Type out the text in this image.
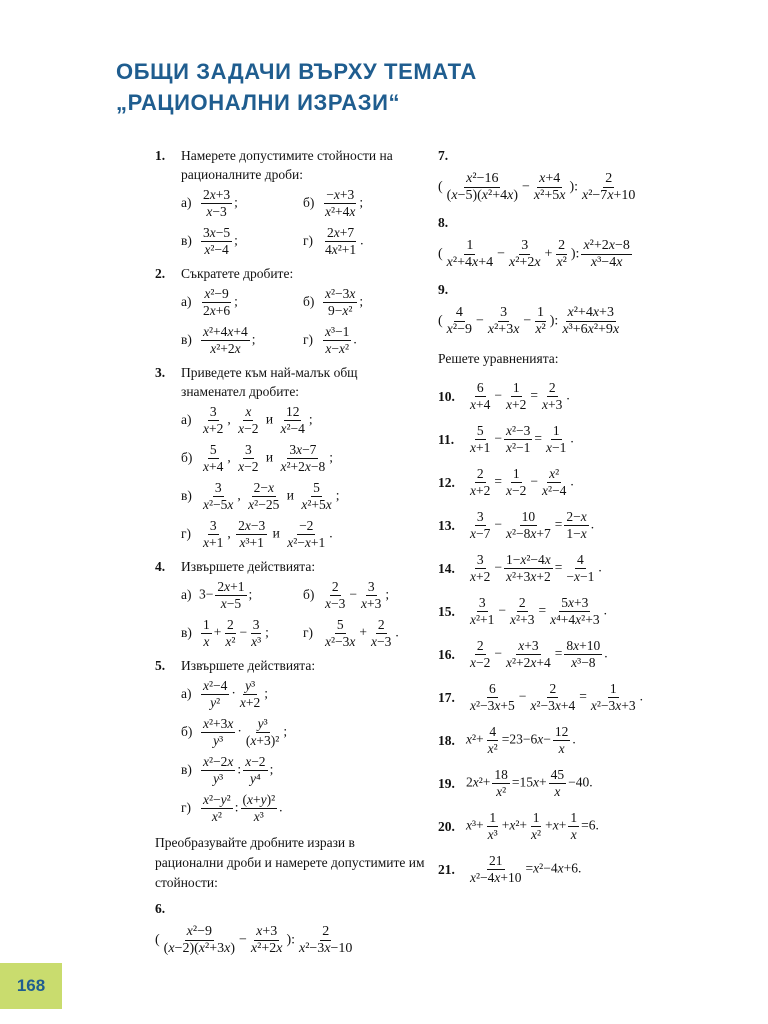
ОБЩИ ЗАДАЧИ ВЪРХУ ТЕМАТА
„РАЦИОНАЛНИ ИЗРАЗИ“
1.	Намерете допустимите стойности на рационалните дроби:
$а) \frac{2x+3}{x-3}$ ;	$б) \frac{-x+3}{\text{x²+4x}}$ ;
$в) \frac{3x-5}{\text{x²−4}}$ ;	$г) \frac{2x+7}{\text{4x²+1}}$ .
2.	Съкратете дробите:
$а) \frac{\text{x²−9}}{2x+6}$ ;	$б) \frac{\text{x²−3x}}{\text{9−x²}}$ ;
$в) \frac{\text{x²+4x+4}}{\text{x²+2x}}$ ;	$г) \frac{\text{x³−1}}{\text{x−x²}}$ .
3.	Приведете към най-малък общ знаменател дробите:
$а) \frac{3}{x+2}$ , $\frac{x}{x-2}$ и $\frac{12}{\text{x²−4}}$ ;
$б) \frac{5}{x+4}$ , $\frac{3}{x-2}$ и $\frac{3x-7}{\text{x²+2x−8}}$ ;
$в) \frac{3}{\text{x²−5x}}$ , $\frac{2-x}{\text{x²−25}}$ и $\frac{5}{\text{x²+5x}}$ ;
$г) \frac{3}{x+1}$ , $\frac{2x-3}{\text{x³+1}}$ и $\frac{-2}{\text{x²−x+1}}$ .
4.	Извършете действията:
а) $3- \frac{2x+1}{x-5}$ ;	$б) \frac{2}{x-3} - \frac{3}{x+3}$ ;
$в) \frac{1}{x} + \frac{2}{\text{x²}} - \frac{3}{\text{x³}}$ ;	$г) \frac{5}{\text{x²−3x}} + \frac{2}{x-3}$ .
5.	Извършете действията:
$а) \frac{\text{x²−4}}{\text{y²}} \cdot \frac{\text{y³}}{x+2}$ ;
$б) \frac{\text{x²+3x}}{\text{y³}} \cdot \frac{\text{y³}}{\text{(x+3)²}}$ ;
$в) \frac{\text{x²−2x}}{\text{y³}}$ : $\frac{x-2}{\text{y⁴}}$ ;
$г) \frac{\text{x²−y²}}{\text{x²}}$ : $\frac{\text{(x+y)²}}{\text{x³}}$ .
Преобразувайте дробните изрази в рационални дроби и намерете допустимите им стойности:
6.
( $\frac{\text{x²−9}}{\text{(x−2)(x²+3x)}} - \frac{x+3}{\text{x²+2x}}$ ): $\frac{2}{\text{x²−3x−10}}$
7.
( $\frac{\text{x²−16}}{\text{(x−5)(x²+4x)}} - \frac{x+4}{\text{x²+5x}}$ ): $\frac{2}{\text{x²−7x+10}}$
8.
( $\frac{1}{\text{x²+4x+4}} - \frac{3}{\text{x²+2x}} + \frac{2}{\text{x²}}$ ): $\frac{\text{x²+2x−8}}{\text{x³−4x}}$
9.
( $\frac{4}{\text{x²−9}} - \frac{3}{\text{x²+3x}} - \frac{1}{\text{x²}}$ ): $\frac{\text{x²+4x+3}}{\text{x³+6x²+9x}}$
Решете уравненията:
10. $\frac{6}{x+4} - \frac{1}{x+2} = \frac{2}{x+3}$ .
11.	$\frac{5}{x+1} - \frac{\text{x²−3}}{\text{x²−1}} = \frac{1}{x-1}$ .
12. $\frac{2}{x+2} = \frac{1}{x-2} - \frac{\text{x²}}{\text{x²−4}}$ .
13. $\frac{3}{x-7} - \frac{10}{\text{x²−8x+7}} = \frac{2-x}{1-x}$ .
14. $\frac{3}{x+2} - \frac{\text{1−x²−4x}}{\text{x²+3x+2}} = \frac{4}{-x-1}$ .
15. $\frac{3}{\text{x²+1}} - \frac{2}{\text{x²+3}} = \frac{5x+3}{\text{x⁴+4x²+3}}$ .
16. $\frac{2}{x-2} - \frac{x+3}{\text{x²+2x+4}} = \frac{8x+10}{\text{x³−8}}$ .
17. $\frac{6}{\text{x²−3x+5}} - \frac{2}{\text{x²−3x+4}} = \frac{1}{\text{x²−3x+3}}$ .
18. $x^2+ \frac{4}{\text{x²}} =23-6x- \frac{12}{x}$ .
19. $2x^2+ \frac{18}{\text{x²}} =15x+ \frac{45}{x} -40$.
20. $x^3+ \frac{1}{\text{x³}} +x^2+ \frac{1}{\text{x²}} +x+ \frac{1}{x} =6$.
21. $\frac{21}{\text{x²−4x+10}} =x^2-4x+6$.
168
